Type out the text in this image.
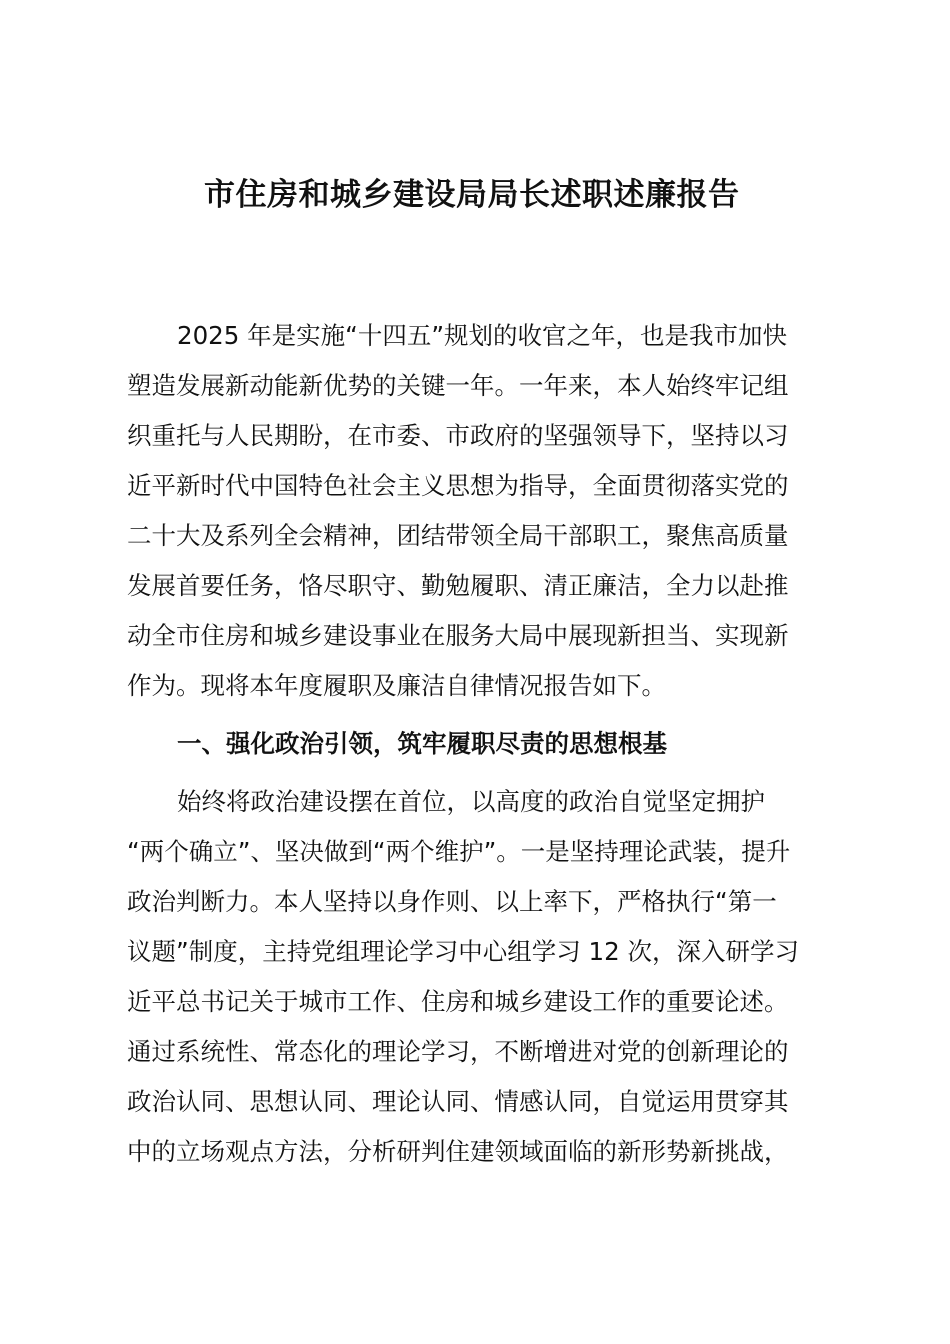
市住房和城乡建设局局长述职述廉报告

2025 年是实施“十四五”规划的收官之年，也是我市加快

塑造发展新动能新优势的关键一年。一年来，本人始终牢记组

织重托与人民期盼，在市委、市政府的坚强领导下，坚持以习

近平新时代中国特色社会主义思想为指导，全面贯彻落实党的

二十大及系列全会精神，团结带领全局干部职工，聚焦高质量

发展首要任务，恪尽职守、勤勉履职、清正廉洁，全力以赴推

动全市住房和城乡建设事业在服务大局中展现新担当、实现新

作为。现将本年度履职及廉洁自律情况报告如下。

一、强化政治引领，筑牢履职尽责的思想根基

始终将政治建设摆在首位，以高度的政治自觉坚定拥护

“两个确立”、坚决做到“两个维护”。一是坚持理论武装，提升

政治判断力。本人坚持以身作则、以上率下，严格执行“第一

议题”制度，主持党组理论学习中心组学习 12 次，深入研学习

近平总书记关于城市工作、住房和城乡建设工作的重要论述。

通过系统性、常态化的理论学习，不断增进对党的创新理论的

政治认同、思想认同、理论认同、情感认同，自觉运用贯穿其

中的立场观点方法，分析研判住建领域面临的新形势新挑战，
